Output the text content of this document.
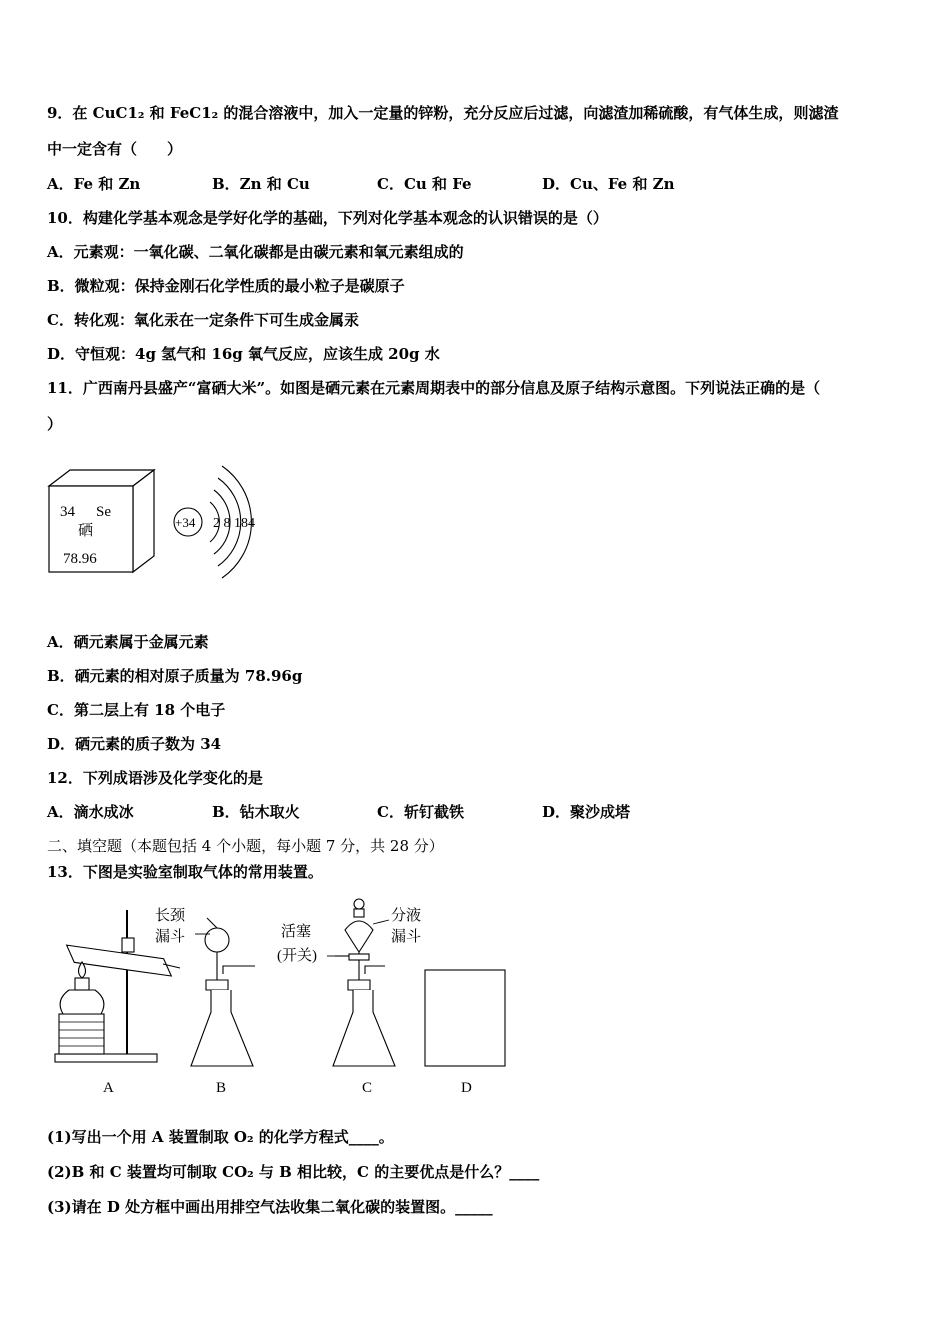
9．在 CuC1₂ 和 FeC1₂ 的混合溶液中，加入一定量的锌粉，充分反应后过滤，向滤渣加稀硫酸，有气体生成，则滤渣
中一定含有（　　）
A．Fe 和 Zn	B．Zn 和 Cu	C．Cu 和 Fe	D．Cu、Fe 和 Zn
10．构建化学基本观念是学好化学的基础，下列对化学基本观念的认识错误的是（）
A．元素观：一氧化碳、二氧化碳都是由碳元素和氧元素组成的
B．微粒观：保持金刚石化学性质的最小粒子是碳原子
C．转化观：氧化汞在一定条件下可生成金属汞
D．守恒观：4g 氢气和 16g 氧气反应，应该生成 20g 水
11．广西南丹县盛产“富硒大米”。如图是硒元素在元素周期表中的部分信息及原子结构示意图。下列说法正确的是（
）
34 Se
硒
78.96
+34 2 8 184
A．硒元素属于金属元素
B．硒元素的相对原子质量为 78.96g
C．第二层上有 18 个电子
D．硒元素的质子数为 34
12．下列成语涉及化学变化的是
A．滴水成冰	B．钻木取火	C．斩钉截铁	D．聚沙成塔
二、填空题（本题包括 4 个小题，每小题 7 分，共 28 分）
13．下图是实验室制取气体的常用装置。
长颈
漏斗	活塞
(开关)
分液
漏斗
A	B	C	D
(1)写出一个用 A 装置制取 O₂ 的化学方程式____。
(2)B 和 C 装置均可制取 CO₂ 与 B 相比较，C 的主要优点是什么？____
(3)请在 D 处方框中画出用排空气法收集二氧化碳的装置图。_____
